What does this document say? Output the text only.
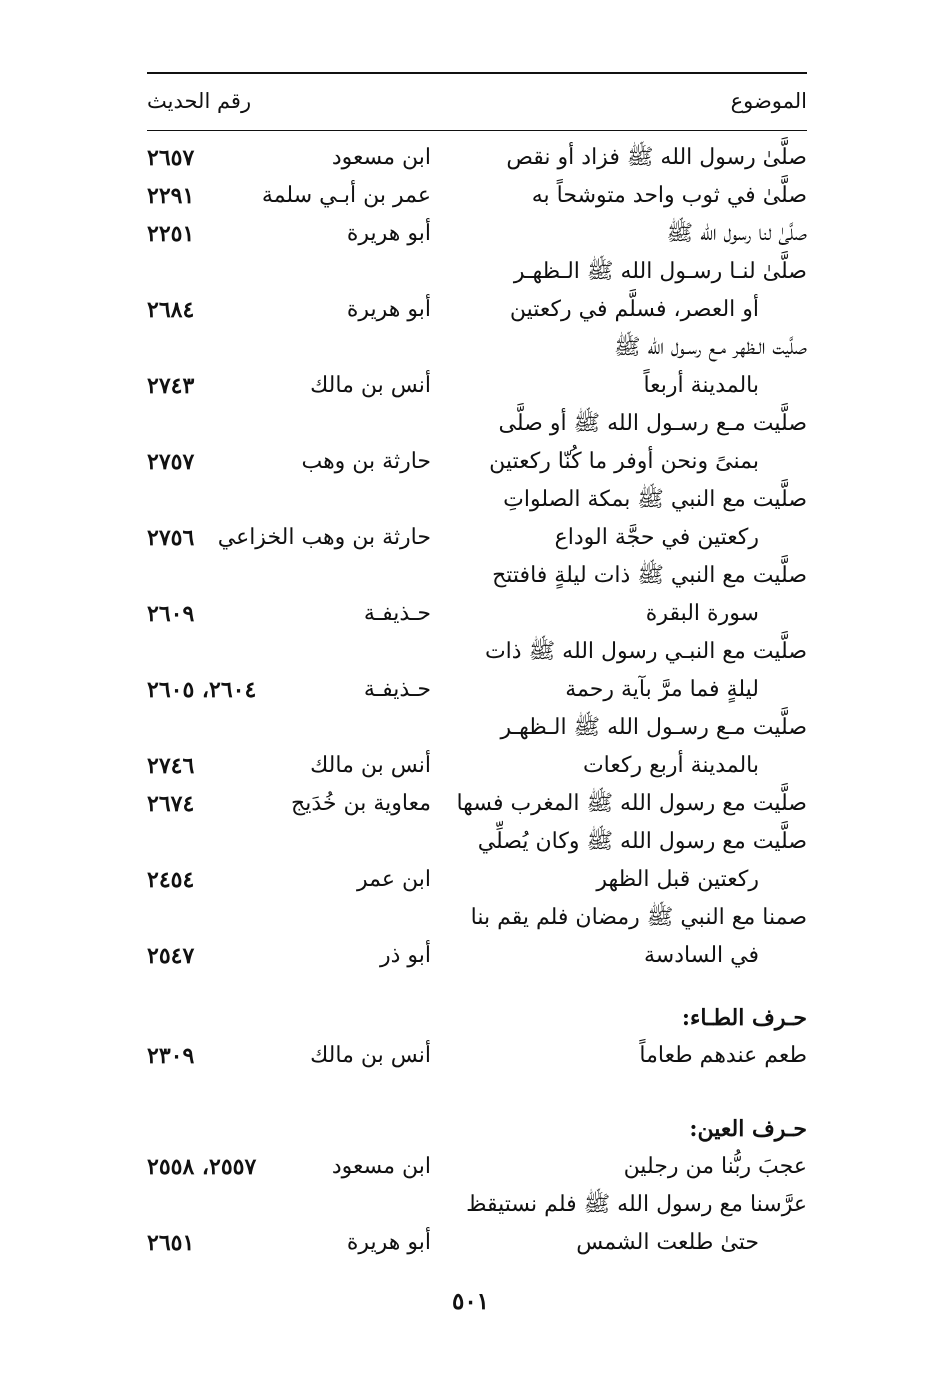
الموضوع
رقم الحديث
صلَّىٰ رسول الله ﷺ فزاد أو نقص
ابن مسعود
٢٦٥٧
صلَّىٰ في ثوب واحد متوشحاً به
عمر بن أبـي سلمة
٢٢٩١
صلَّىٰ لنا رسول الله ﷺ
أبو هريرة
٢٢٥١
صلَّىٰ لنـا رسـول الله ﷺ الـظهـر
أو العصر، فسلَّم في ركعتين
أبو هريرة
٢٦٨٤
صلَّيت الـظهر مـع رسـول الله ﷺ
بالمدينة أربعاً
أنس بن مالك
٢٧٤٣
صلَّيت مـع رسـول الله ﷺ أو صلَّى
بمنىً ونحن أوفر ما كُنّا ركعتين
حارثة بن وهب
٢٧٥٧
صلَّيت مع النبي ﷺ بمكة الصلواتِ
ركعتين في حجَّة الوداع
حارثة بن وهب الخزاعي
٢٧٥٦
صلَّيت مع النبي ﷺ ذات ليلةٍ فافتتح
سورة البقرة
حـذيفـة
٢٦٠٩
صلَّيت مع النبـي رسول الله ﷺ ذات
ليلةٍ فما مرَّ بآية رحمة
حـذيفـة
٢٦٠٤، ٢٦٠٥
صلَّيت مـع رسـول الله ﷺ الـظهـر
بالمدينة أربع ركعات
أنس بن مالك
٢٧٤٦
صلَّيت مع رسول الله ﷺ المغرب فسها
معاوية بن خُدَيج
٢٦٧٤
صلَّيت مع رسول الله ﷺ وكان يُصلِّي
ركعتين قبل الظهر
ابن عمر
٢٤٥٤
صمنا مع النبي ﷺ رمضان فلم يقم بنا
في السادسة
أبو ذر
٢٥٤٧
حـرف الطـاء:
طعم عندهم طعاماً
أنس بن مالك
٢٣٠٩
حـرف العين:
عجبَ ربُّنا من رجلين
ابن مسعود
٢٥٥٧، ٢٥٥٨
عرَّسنا مع رسول الله ﷺ فلم نستيقظ
حتىٰ طلعت الشمس
أبو هريرة
٢٦٥١
٥٠١
